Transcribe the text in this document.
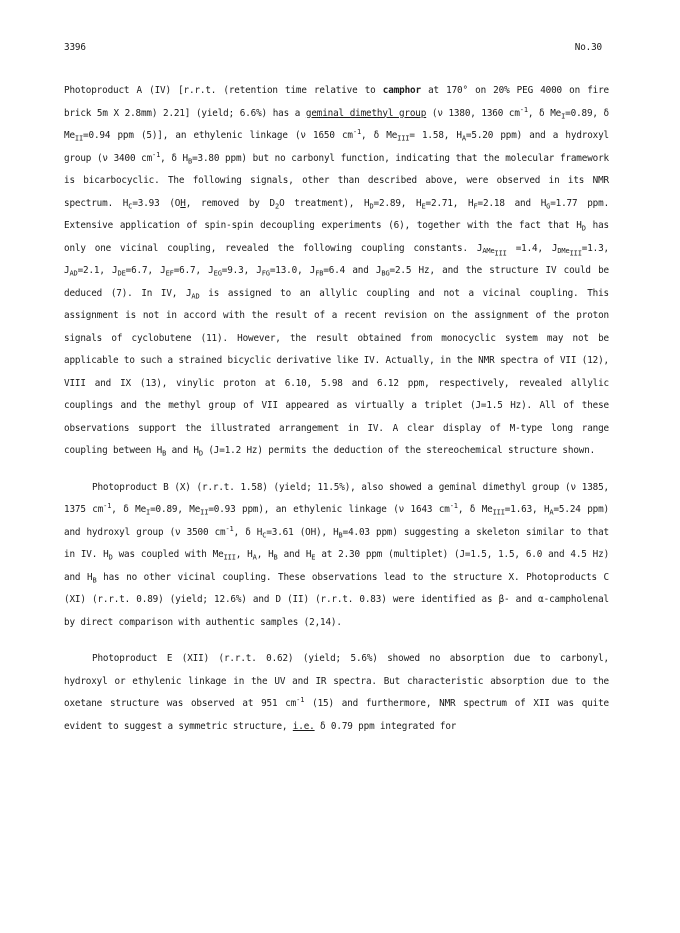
3396	No.30

Photoproduct A (IV) [r.r.t. (retention time relative to camphor at 170° on 20% PEG 4000 on fire brick 5m X 2.8mm) 2.21] (yield; 6.6%) has a geminal dimethyl group (ν 1380, 1360 $cm^{-1}$, δ $Me_I=0.89$, δ $Me_{II}=0.94$ ppm (5)], an ethylenic linkage (ν 1650 $cm^{-1}$, δ $Me_{III}= 1.58$, $H_A=5.20$ ppm) and a hydroxyl group (ν 3400 $cm^{-1}$, δ $H_B=3.80$ ppm) but no carbonyl function, indicating that the molecular framework is bicarbocyclic. The following signals, other than described above, were observed in its NMR spectrum. $H_C=3.93$ (OH, removed by $D_2O$ treatment), $H_D=2.89$, $H_E=2.71$, $H_F=2.18$ and $H_G=1.77$ ppm. Extensive application of spin-spin decoupling experiments (6), together with the fact that $H_D$ has only one vicinal coupling, revealed the following coupling constants. $J_{AMe_{III}} =1.4$, $J_{DMe_{III}}=1.3$, $J_{AD}=2.1$, $J_{DE}=6.7$, $J_{EF}=6.7$, $J_{EG}=9.3$, $J_{FG}=13.0$, $J_{FB}=6.4$ and $J_{BG}=2.5$ Hz, and the structure IV could be deduced (7). In IV, $J_{AD}$ is assigned to an allylic coupling and not a vicinal coupling. This assignment is not in accord with the result of a recent revision on the assignment of the proton signals of cyclobutene (11). However, the result obtained from monocyclic system may not be applicable to such a strained bicyclic derivative like IV. Actually, in the NMR spectra of VII (12), VIII and IX (13), vinylic proton at 6.10, 5.98 and 6.12 ppm, respectively, revealed allylic couplings and the methyl group of VII appeared as virtually a triplet (J=1.5 Hz). All of these observations support the illustrated arrangement in IV. A clear display of M-type long range coupling between $H_B$ and $H_D$ (J=1.2 Hz) permits the deduction of the stereochemical structure shown.

Photoproduct B (X) (r.r.t. 1.58) (yield; 11.5%), also showed a geminal dimethyl group (ν 1385, 1375 $cm^{-1}$, δ $Me_I=0.89$, $Me_{II}=0.93$ ppm), an ethylenic linkage (ν 1643 $cm^{-1}$, δ $Me_{III}=1.63$, $H_A=5.24$ ppm) and hydroxyl group (ν 3500 $cm^{-1}$, δ $H_C=3.61$ (OH), $H_B=4.03$ ppm) suggesting a skeleton similar to that in IV. $H_D$ was coupled with $Me_{III}$, $H_A$, $H_B$ and $H_E$ at 2.30 ppm (multiplet) (J=1.5, 1.5, 6.0 and 4.5 Hz) and $H_B$ has no other vicinal coupling. These observations lead to the structure X. Photoproducts C (XI) (r.r.t. 0.89) (yield; 12.6%) and D (II) (r.r.t. 0.83) were identified as β- and α-campholenal by direct comparison with authentic samples (2,14).

Photoproduct E (XII) (r.r.t. 0.62) (yield; 5.6%) showed no absorption due to carbonyl, hydroxyl or ethylenic linkage in the UV and IR spectra. But characteristic absorption due to the oxetane structure was observed at 951 $cm^{-1}$ (15) and furthermore, NMR spectrum of XII was quite evident to suggest a symmetric structure, i.e. δ 0.79 ppm integrated for
